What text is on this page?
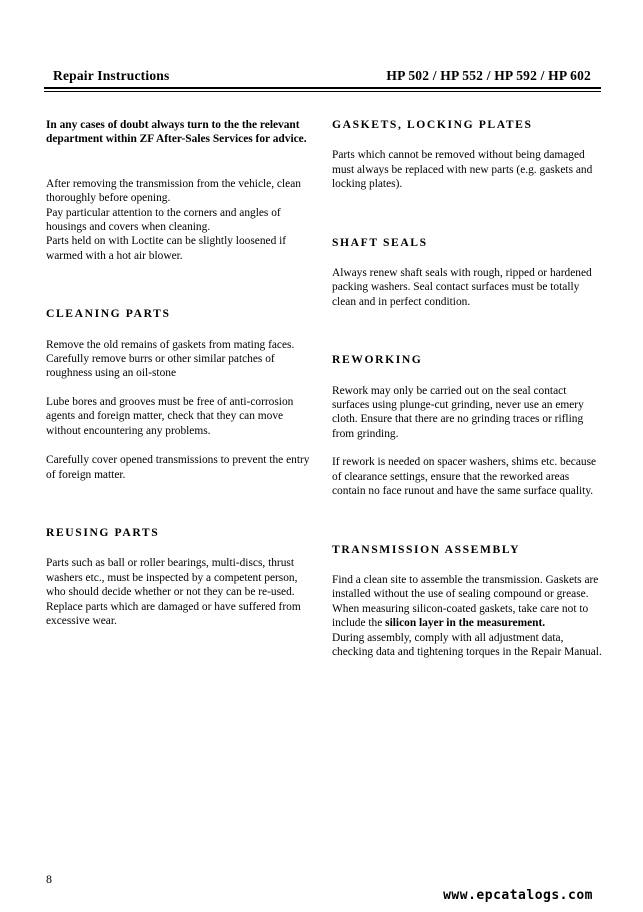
Repair Instructions	HP 502 / HP 552 / HP 592 / HP 602

In any cases of doubt always turn to the the relevant department within ZF After-Sales Services for advice.

After removing the transmission from the vehicle, clean thoroughly before opening.

Pay particular attention to the corners and angles of housings and covers when cleaning.

Parts held on with Loctite can be slightly loosened if warmed with a hot air blower.

CLEANING PARTS

Remove the old remains of gaskets from mating faces. Carefully remove burrs or other similar patches of roughness using an oil-stone

Lube bores and grooves must be free of anti-corrosion agents and foreign matter, check that they can move without encountering any problems.

Carefully cover opened transmissions to prevent the entry of foreign matter.

REUSING PARTS

Parts such as ball or roller bearings, multi-discs, thrust washers etc., must be inspected by a competent person, who should decide whether or not they can be re-used.

Replace parts which are damaged or have suffered from excessive wear.

GASKETS, LOCKING PLATES

Parts which cannot be removed without being damaged must always be replaced with new parts (e.g. gaskets and locking plates).

SHAFT SEALS

Always renew shaft seals with rough, ripped or hardened packing washers. Seal contact surfaces must be totally clean and in perfect condition.

REWORKING

Rework may only be carried out on the seal contact surfaces using plunge-cut grinding, never use an emery cloth. Ensure that there are no grinding traces or rifling from grinding.

If rework is needed on spacer washers, shims etc. because of clearance settings, ensure that the reworked areas contain no face runout and have the same surface quality.

TRANSMISSION ASSEMBLY

Find a clean site to assemble the transmission. Gaskets are installed without the use of sealing compound or grease. When measuring silicon-coated gaskets, take care not to include the silicon layer in the measurement.

During assembly, comply with all adjustment data, checking data and tightening torques in the Repair Manual.

8
www.epcatalogs.com
